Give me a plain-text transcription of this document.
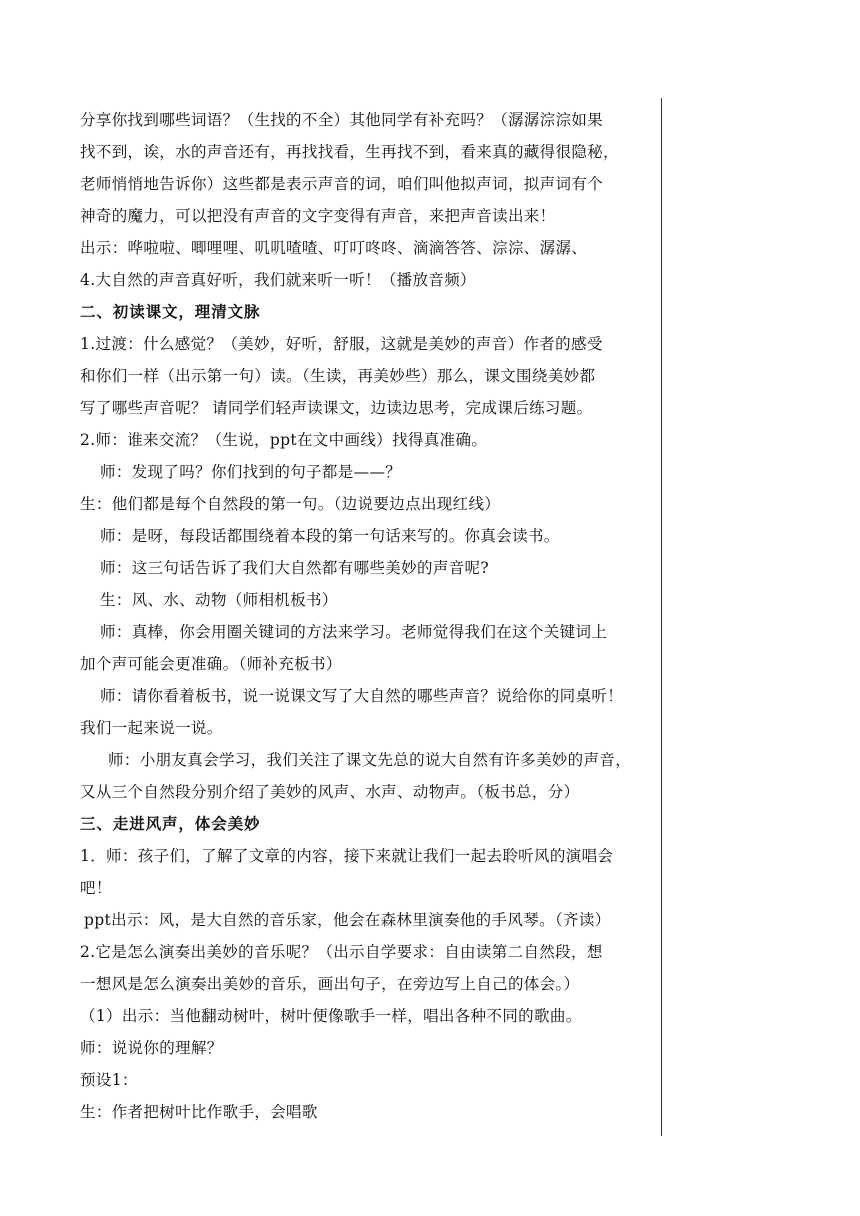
分享你找到哪些词语？（生找的不全）其他同学有补充吗？（潺潺淙淙如果
找不到，诶，水的声音还有，再找找看，生再找不到，看来真的藏得很隐秘，
老师悄悄地告诉你）这些都是表示声音的词，咱们叫他拟声词，拟声词有个
神奇的魔力，可以把没有声音的文字变得有声音，来把声音读出来！
出示：哗啦啦、唧哩哩、叽叽喳喳、叮叮咚咚、滴滴答答、淙淙、潺潺、
4.大自然的声音真好听，我们就来听一听！（播放音频）
二、初读课文，理清文脉
1.过渡：什么感觉？（美妙，好听，舒服，这就是美妙的声音）作者的感受
和你们一样（出示第一句）读。（生读，再美妙些）那么，课文围绕美妙都
写了哪些声音呢？ 请同学们轻声读课文，边读边思考，完成课后练习题。
2.师：谁来交流？（生说，ppt在文中画线）找得真准确。
师：发现了吗？你们找到的句子都是——？
生：他们都是每个自然段的第一句。（边说要边点出现红线）
师：是呀，每段话都围绕着本段的第一句话来写的。你真会读书。
师：这三句话告诉了我们大自然都有哪些美妙的声音呢?
生：风、水、动物（师相机板书）
师：真棒，你会用圈关键词的方法来学习。老师觉得我们在这个关键词上
加个声可能会更准确。（师补充板书）
师：请你看着板书，说一说课文写了大自然的哪些声音？说给你的同桌听！
我们一起来说一说。
师：小朋友真会学习，我们关注了课文先总的说大自然有许多美妙的声音，
又从三个自然段分别介绍了美妙的风声、水声、动物声。（板书总，分）
三、走进风声，体会美妙
1．师：孩子们，了解了文章的内容，接下来就让我们一起去聆听风的演唱会
吧！
ppt出示：风，是大自然的音乐家，他会在森林里演奏他的手风琴。（齐读）
2.它是怎么演奏出美妙的音乐呢？（出示自学要求：自由读第二自然段，想
一想风是怎么演奏出美妙的音乐，画出句子，在旁边写上自己的体会。）
（1）出示：当他翻动树叶，树叶便像歌手一样，唱出各种不同的歌曲。
师：说说你的理解？
预设1：
生：作者把树叶比作歌手，会唱歌
